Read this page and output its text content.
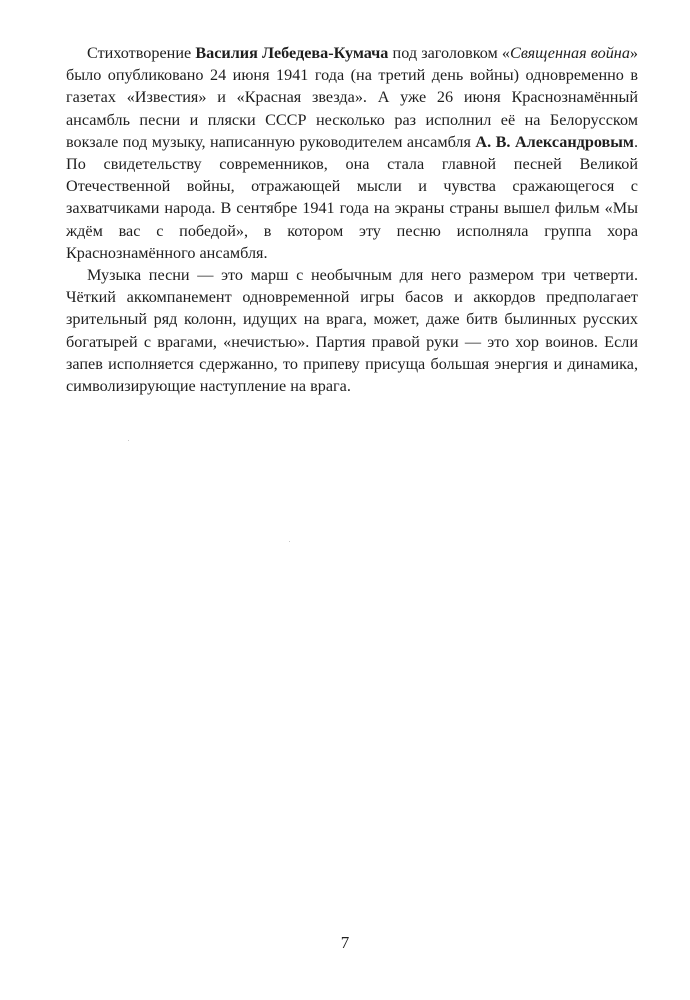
Стихотворение Василия Лебедева-Кумача под заголовком «Священная война» было опубликовано 24 июня 1941 года (на третий день войны) одновременно в газетах «Известия» и «Красная звезда». А уже 26 июня Краснознамённый ансамбль песни и пляски СССР несколько раз исполнил её на Белорусском вокзале под музыку, написанную руководителем ансамбля А. В. Александровым. По свидетельству современников, она стала главной песней Великой Отечественной войны, отражающей мысли и чувства сражающегося с захватчиками народа. В сентябре 1941 года на экраны страны вышел фильм «Мы ждём вас с победой», в котором эту песню исполняла группа хора Краснознамённого ансамбля.

Музыка песни — это марш с необычным для него размером три четверти. Чёткий аккомпанемент одновременной игры басов и аккордов предполагает зрительный ряд колонн, идущих на врага, может, даже битв былинных русских богатырей с врагами, «нечистью». Партия правой руки — это хор воинов. Если запев исполняется сдержанно, то припеву присуща большая энергия и динамика, символизирующие наступление на врага.

7
